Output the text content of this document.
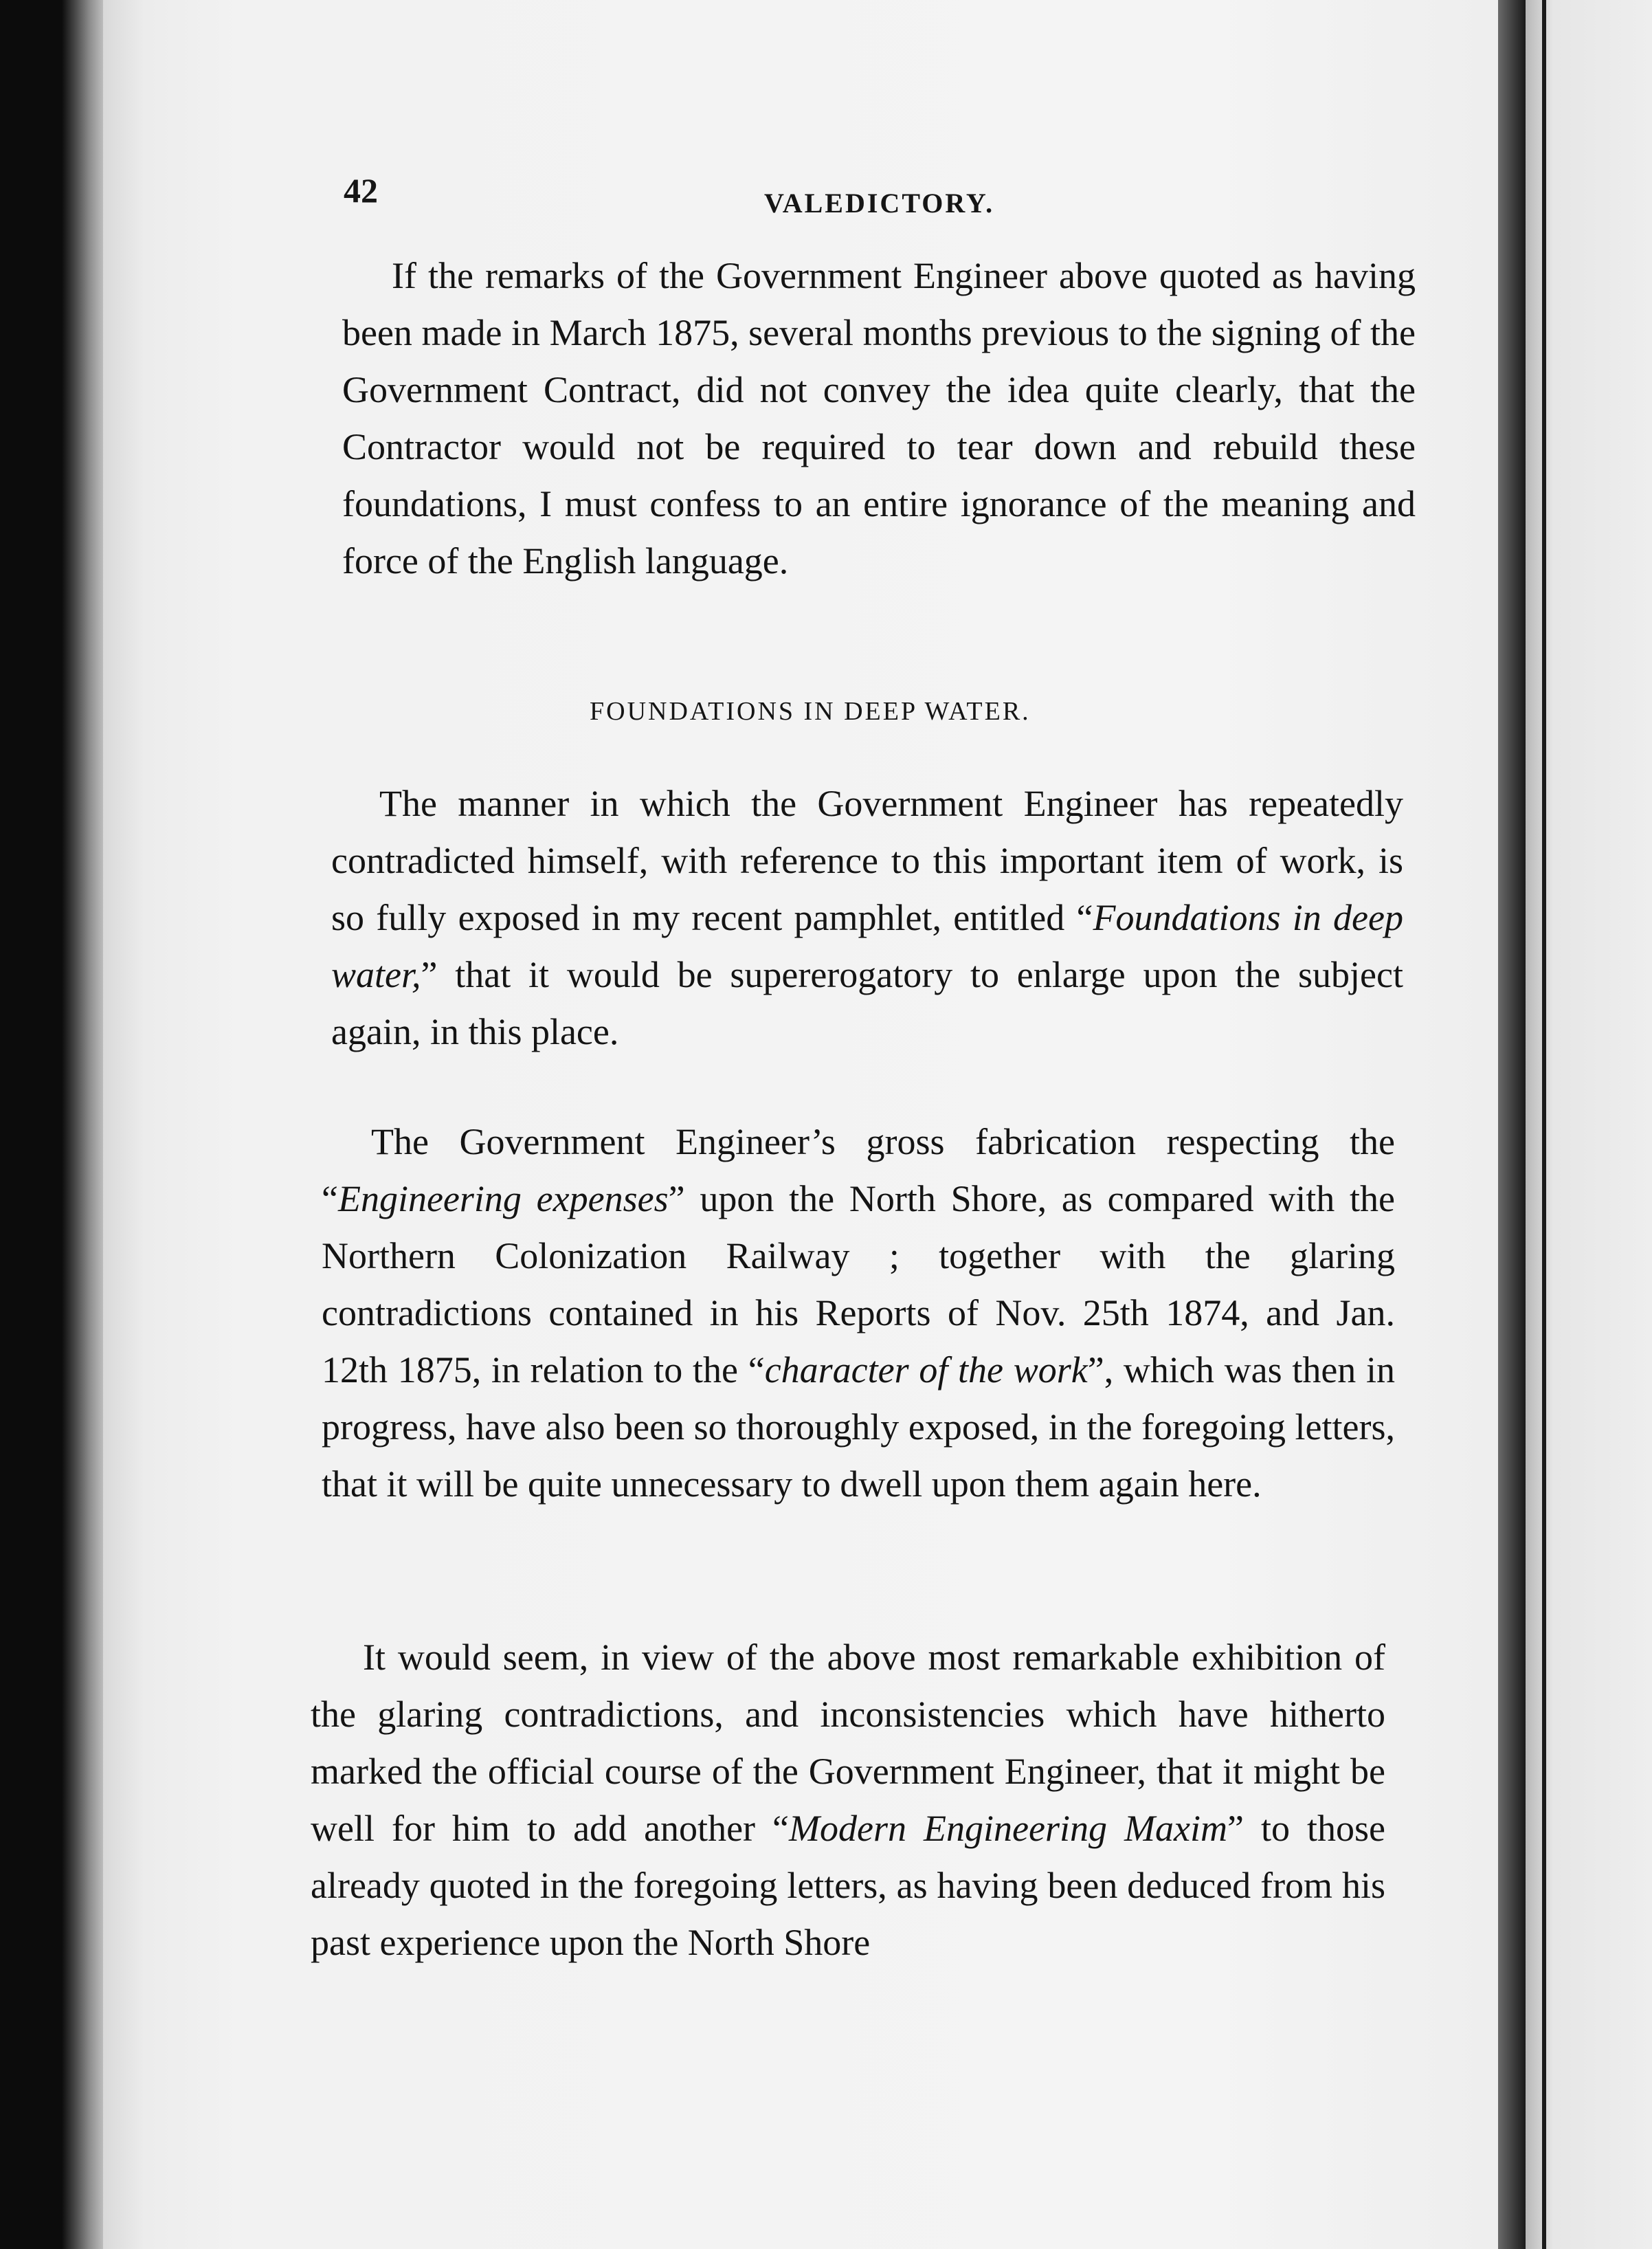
42	VALEDICTORY.

If the remarks of the Government Engineer above quoted as having been made in March 1875, several months previous to the signing of the Government Contract, did not convey the idea quite clearly, that the Contractor would not be required to tear down and rebuild these foundations, I must confess to an entire ignorance of the meaning and force of the English language.

FOUNDATIONS IN DEEP WATER.

The manner in which the Government Engineer has repeatedly contradicted himself, with reference to this important item of work, is so fully exposed in my recent pamphlet, entitled “Foundations in deep water,” that it would be supererogatory to enlarge upon the subject again, in this place.

The Government Engineer’s gross fabrication respecting the “Engineering expenses” upon the North Shore, as compared with the Northern Colonization Railway ; together with the glaring contradictions contained in his Reports of Nov. 25th 1874, and Jan. 12th 1875, in relation to the “character of the work”, which was then in progress, have also been so thoroughly exposed, in the foregoing letters, that it will be quite unnecessary to dwell upon them again here.

It would seem, in view of the above most remarkable exhibition of the glaring contradictions, and inconsistencies which have hitherto marked the official course of the Government Engineer, that it might be well for him to add another “Modern Engineering Maxim” to those already quoted in the foregoing letters, as having been deduced from his past experience upon the North Shore
